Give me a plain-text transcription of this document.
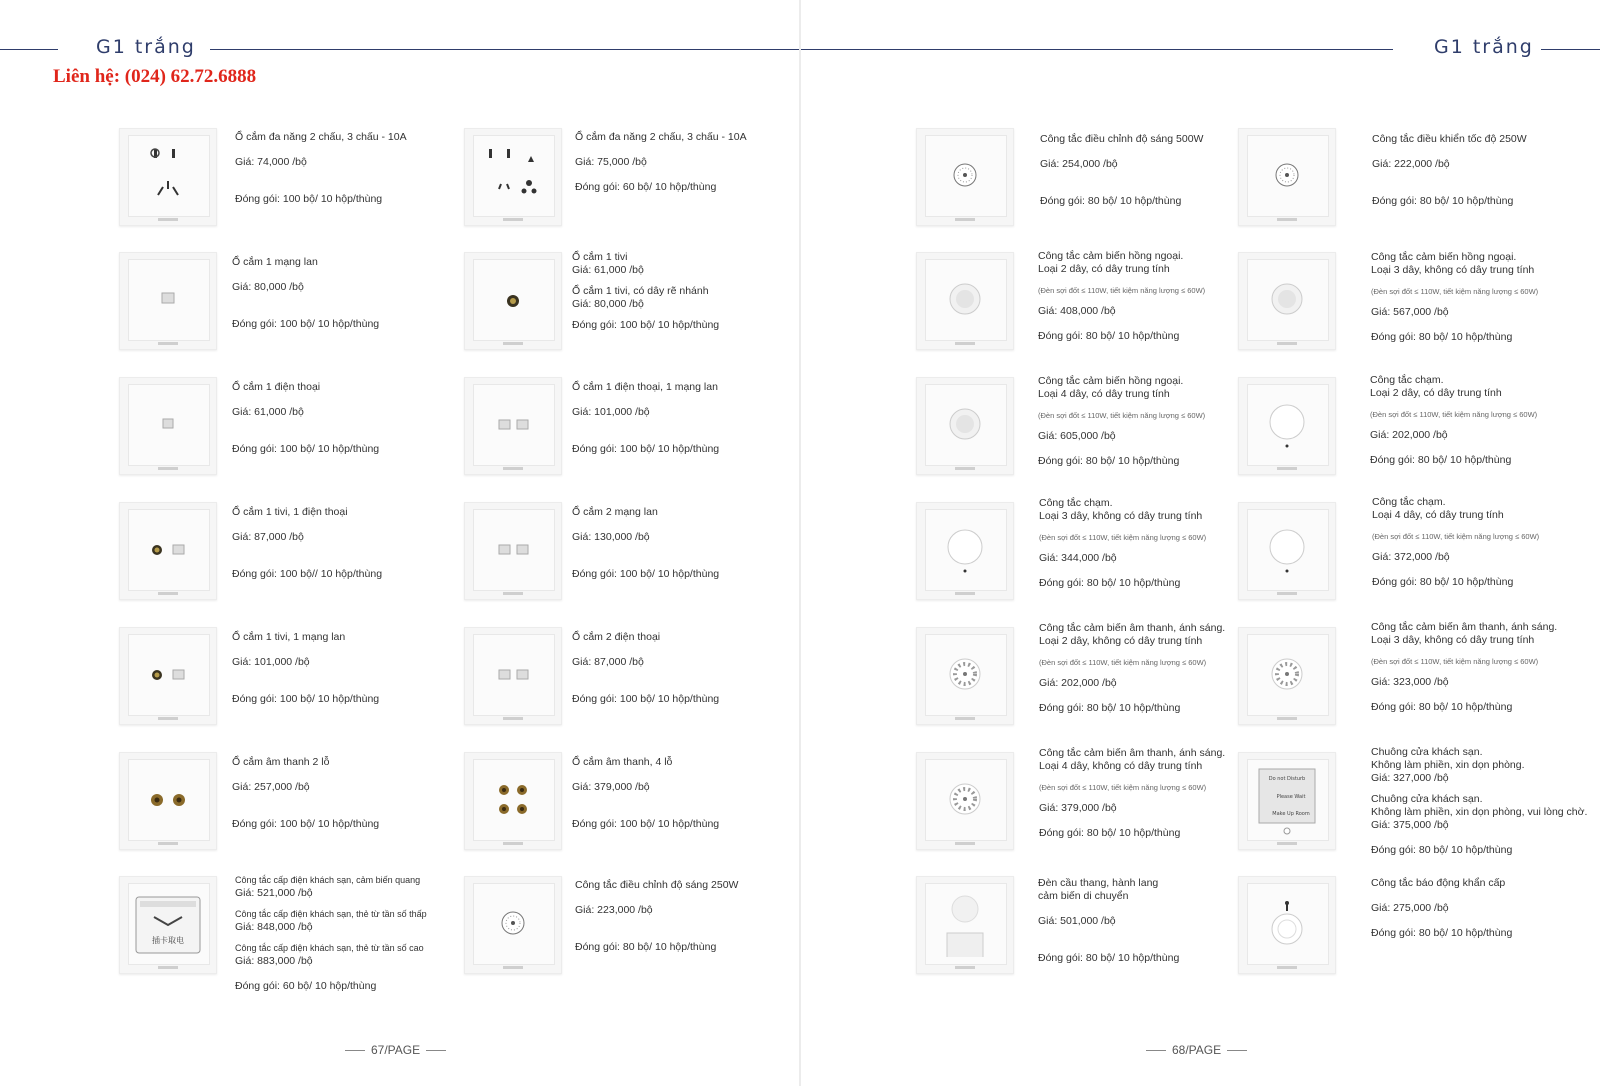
G1 trắng
Liên hệ: (024) 62.72.6888
Ổ cắm đa năng 2 chấu, 3 chấu - 10A
Giá: 74,000 /bộ
Đóng gói: 100 bộ/ 10 hộp/thùng
Ổ cắm đa năng 2 chấu, 3 chấu - 10A
Giá: 75,000 /bộ
Đóng gói: 60 bộ/ 10 hộp/thùng
Ổ cắm 1 mạng lan
Giá: 80,000 /bộ
Đóng gói: 100 bộ/ 10 hộp/thùng
Ổ cắm 1 tivi
Giá: 61,000 /bộ
Ổ cắm 1 tivi, có dây rẽ nhánh
Giá: 80,000 /bộ
Đóng gói: 100 bộ/ 10 hộp/thùng
Ổ cắm 1 điện thoại
Giá: 61,000 /bộ
Đóng gói: 100 bộ/ 10 hộp/thùng
Ổ cắm 1 điện thoại, 1 mạng lan
Giá: 101,000 /bộ
Đóng gói: 100 bộ/ 10 hộp/thùng
Ổ cắm 1 tivi, 1 điện thoại
Giá: 87,000 /bộ
Đóng gói: 100 bộ// 10 hộp/thùng
Ổ cắm 2 mạng lan
Giá: 130,000 /bộ
Đóng gói: 100 bộ/ 10 hộp/thùng
Ổ cắm 1 tivi, 1 mạng lan
Giá: 101,000 /bộ
Đóng gói: 100 bộ/ 10 hộp/thùng
Ổ cắm 2 điện thoại
Giá: 87,000 /bộ
Đóng gói: 100 bộ/ 10 hộp/thùng
Ổ cắm âm thanh 2 lỗ
Giá: 257,000 /bộ
Đóng gói: 100 bộ/ 10 hộp/thùng
Ổ cắm âm thanh, 4 lỗ
Giá: 379,000 /bộ
Đóng gói: 100 bộ/ 10 hộp/thùng
插卡取电
Công tắc cấp điện khách sạn, cảm biến quang
Giá: 521,000 /bộ
Công tắc cấp điện khách sạn, thẻ từ tần số thấp
Giá: 848,000 /bộ
Công tắc cấp điện khách sạn, thẻ từ tần số cao
Giá: 883,000 /bộ
Đóng gói: 60 bộ/ 10 hộp/thùng
Công tắc điều chỉnh độ sáng 250W
Giá: 223,000 /bộ
Đóng gói: 80 bộ/ 10 hộp/thùng
67/PAGE
G1 trắng
Công tắc điều chỉnh độ sáng 500W
Giá: 254,000 /bộ
Đóng gói: 80 bộ/ 10 hộp/thùng
Công tắc điều khiển tốc độ 250W
Giá: 222,000 /bộ
Đóng gói: 80 bộ/ 10 hộp/thùng
Công tắc cảm biến hồng ngoại.
Loại 2 dây, có dây trung tính
(Đèn sợi đốt ≤ 110W, tiết kiệm năng lượng ≤ 60W)
Giá: 408,000 /bộ
Đóng gói: 80 bộ/ 10 hộp/thùng
Công tắc cảm biến hồng ngoại.
Loại 3 dây, không có dây trung tính
(Đèn sợi đốt ≤ 110W, tiết kiệm năng lượng ≤ 60W)
Giá: 567,000 /bộ
Đóng gói: 80 bộ/ 10 hộp/thùng
Công tắc cảm biến hồng ngoại.
Loại 4 dây, có dây trung tính
(Đèn sợi đốt ≤ 110W, tiết kiệm năng lượng ≤ 60W)
Giá: 605,000 /bộ
Đóng gói: 80 bộ/ 10 hộp/thùng
Công tắc chạm.
Loại 2 dây, có dây trung tính
(Đèn sợi đốt ≤ 110W, tiết kiệm năng lượng ≤ 60W)
Giá: 202,000 /bộ
Đóng gói: 80 bộ/ 10 hộp/thùng
Công tắc chạm.
Loại 3 dây, không có dây trung tính
(Đèn sợi đốt ≤ 110W, tiết kiệm năng lượng ≤ 60W)
Giá: 344,000 /bộ
Đóng gói: 80 bộ/ 10 hộp/thùng
Công tắc chạm.
Loại 4 dây, có dây trung tính
(Đèn sợi đốt ≤ 110W, tiết kiệm năng lượng ≤ 60W)
Giá: 372,000 /bộ
Đóng gói: 80 bộ/ 10 hộp/thùng
Công tắc cảm biến âm thanh, ánh sáng.
Loại 2 dây, không có dây trung tính
(Đèn sợi đốt ≤ 110W, tiết kiệm năng lượng ≤ 60W)
Giá: 202,000 /bộ
Đóng gói: 80 bộ/ 10 hộp/thùng
Công tắc cảm biến âm thanh, ánh sáng.
Loại 3 dây, không có dây trung tính
(Đèn sợi đốt ≤ 110W, tiết kiệm năng lượng ≤ 60W)
Giá: 323,000 /bộ
Đóng gói: 80 bộ/ 10 hộp/thùng
Công tắc cảm biến âm thanh, ánh sáng.
Loại 4 dây, không có dây trung tính
(Đèn sợi đốt ≤ 110W, tiết kiệm năng lượng ≤ 60W)
Giá: 379,000 /bộ
Đóng gói: 80 bộ/ 10 hộp/thùng
Do not Disturb
Please Wait
Make Up Room
Chuông cửa khách sạn.
Không làm phiền, xin dọn phòng.
Giá: 327,000 /bộ
Chuông cửa khách sạn.
Không làm phiền, xin dọn phòng, vui lòng chờ.
Giá: 375,000 /bộ
Đóng gói: 80 bộ/ 10 hộp/thùng
Đèn cầu thang, hành lang
cảm biến di chuyển
Giá: 501,000 /bộ
Đóng gói: 80 bộ/ 10 hộp/thùng
Công tắc báo động khẩn cấp
Giá: 275,000 /bộ
Đóng gói: 80 bộ/ 10 hộp/thùng
68/PAGE
